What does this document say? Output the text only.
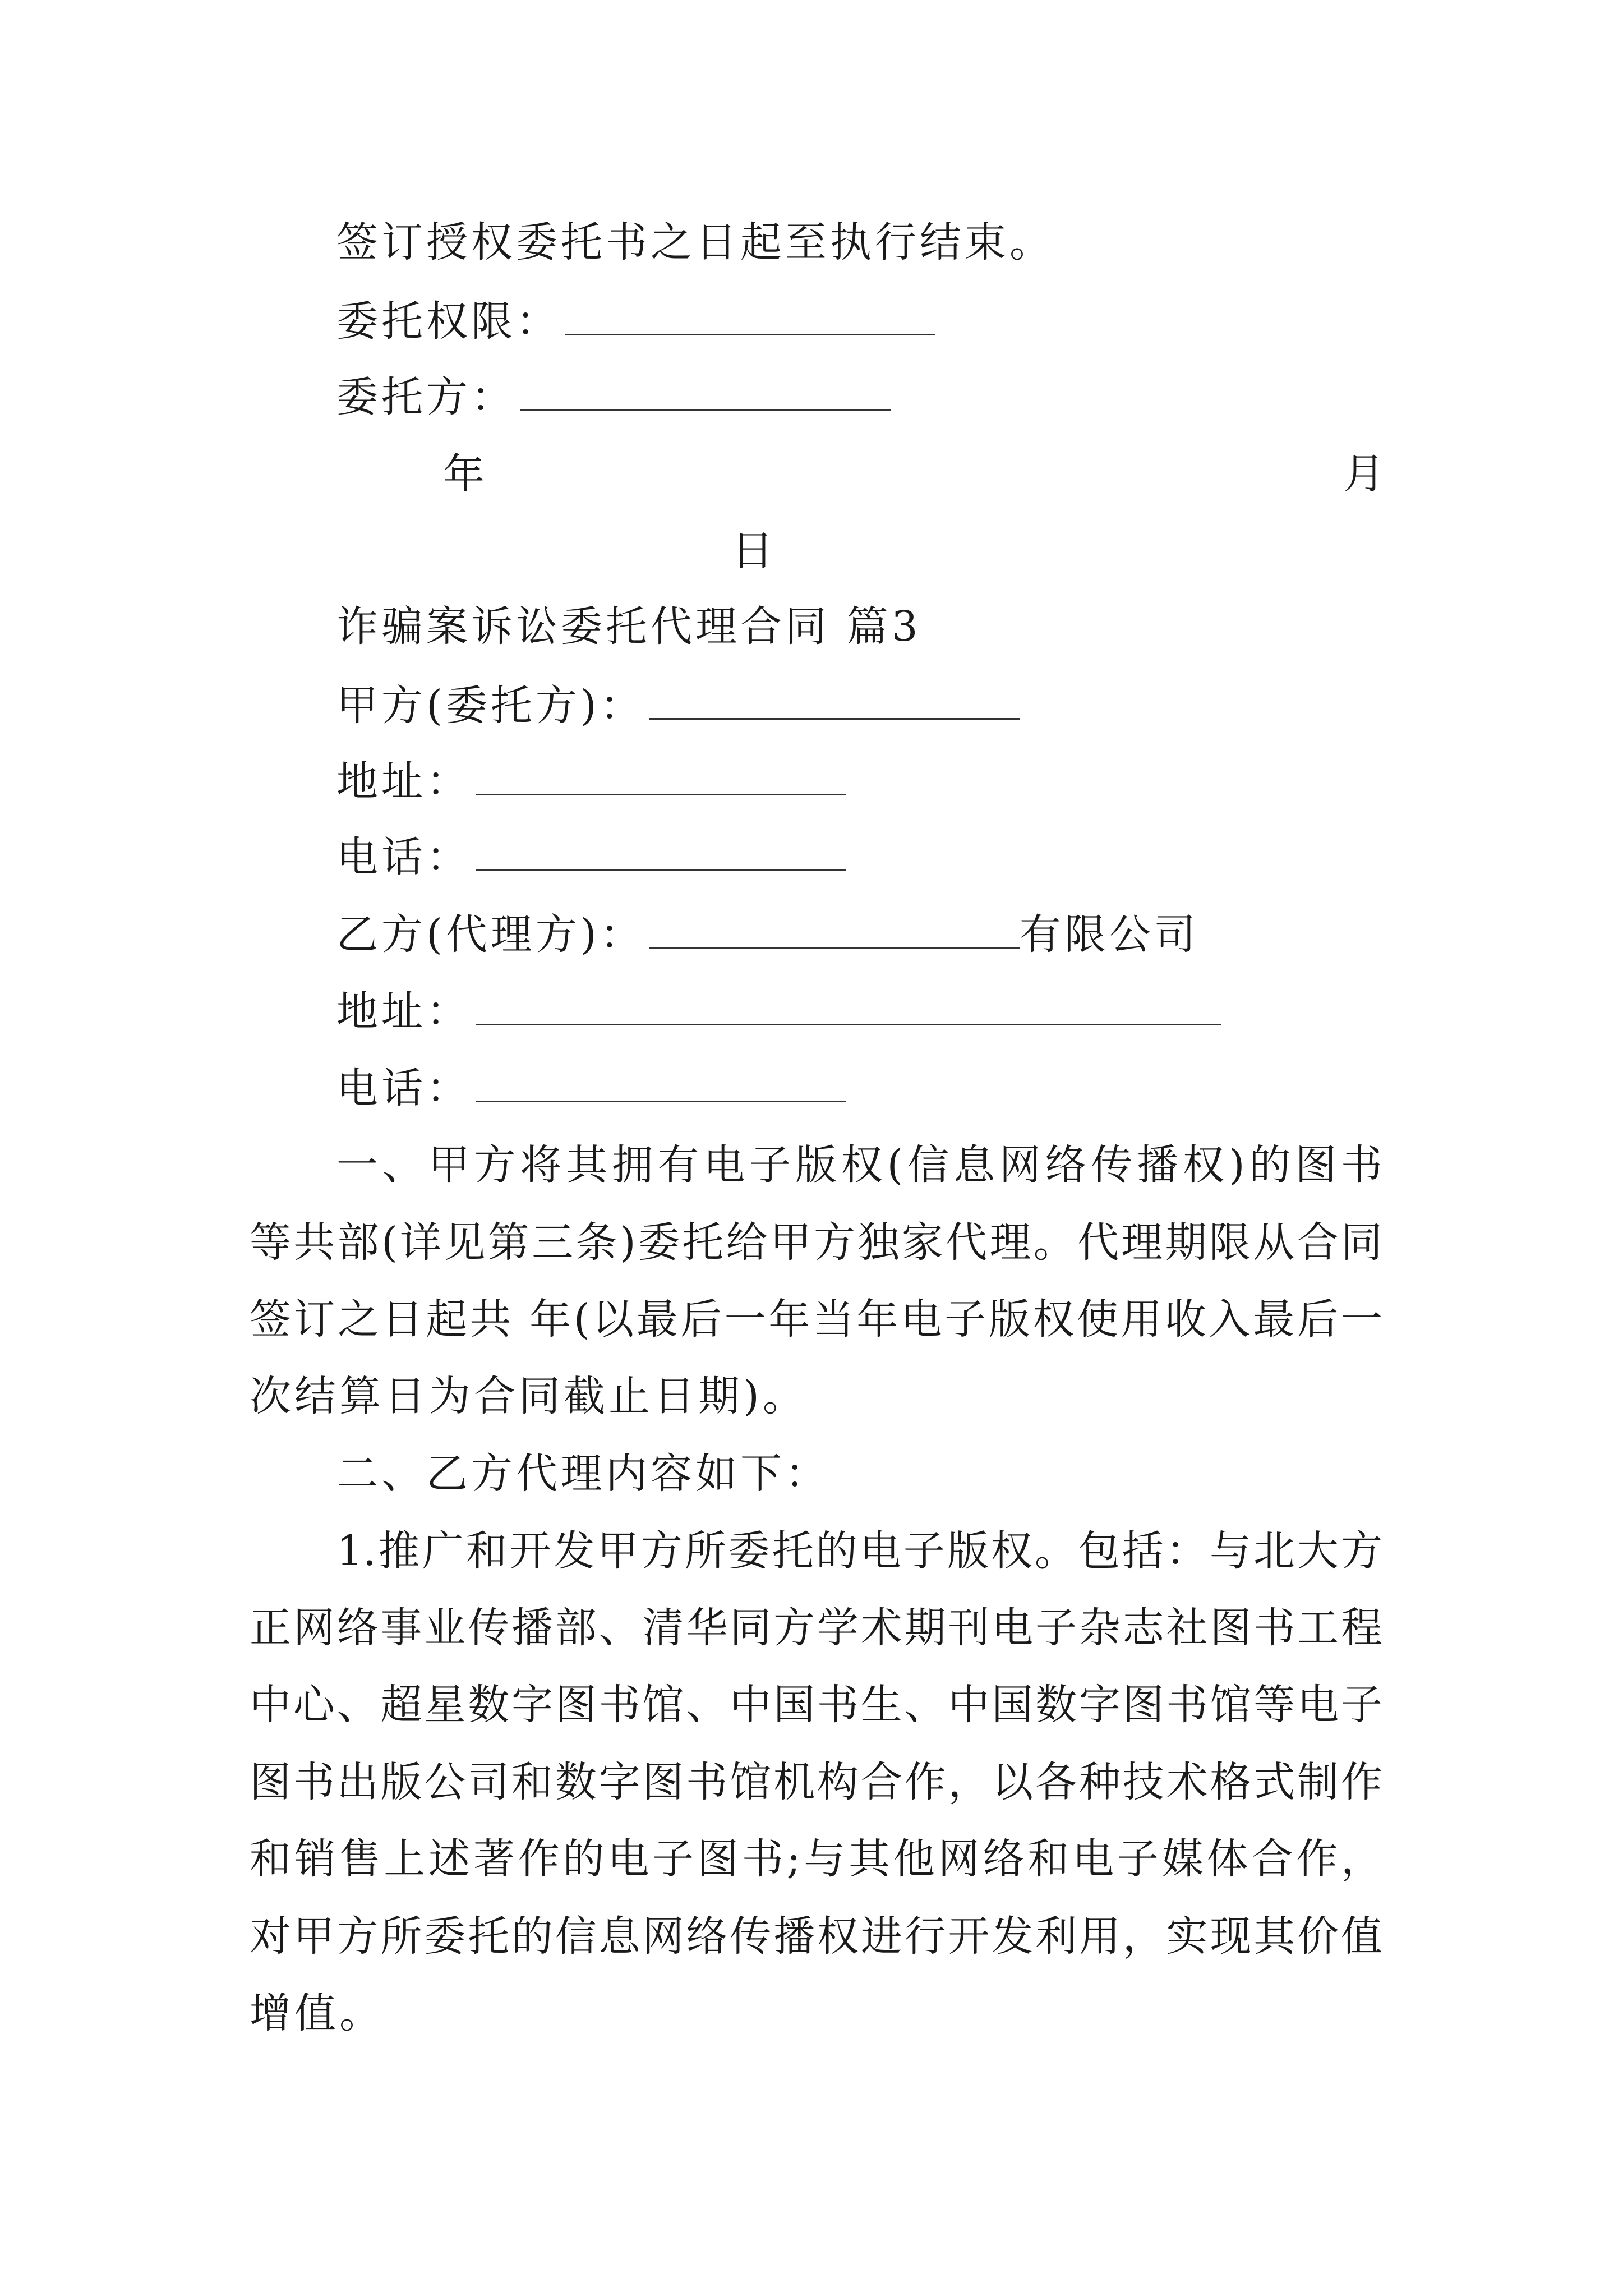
签订授权委托书之日起至执行结束。
委托权限：
委托方：
年	月
日
诈骗案诉讼委托代理合同 篇3
甲方(委托方)：
地址：
电话：
乙方(代理方)：	有限公司
地址：
电话：
一、甲方将其拥有电子版权(信息网络传播权)的图书
等共部(详见第三条)委托给甲方独家代理。代理期限从合同
签订之日起共 年(以最后一年当年电子版权使用收入最后一
次结算日为合同截止日期)。
二、乙方代理内容如下：
1.推广和开发甲方所委托的电子版权。包括：与北大方
正网络事业传播部、清华同方学术期刊电子杂志社图书工程
中心、超星数字图书馆、中国书生、中国数字图书馆等电子
图书出版公司和数字图书馆机构合作，以各种技术格式制作
和销售上述著作的电子图书;与其他网络和电子媒体合作，
对甲方所委托的信息网络传播权进行开发利用，实现其价值
增值。
